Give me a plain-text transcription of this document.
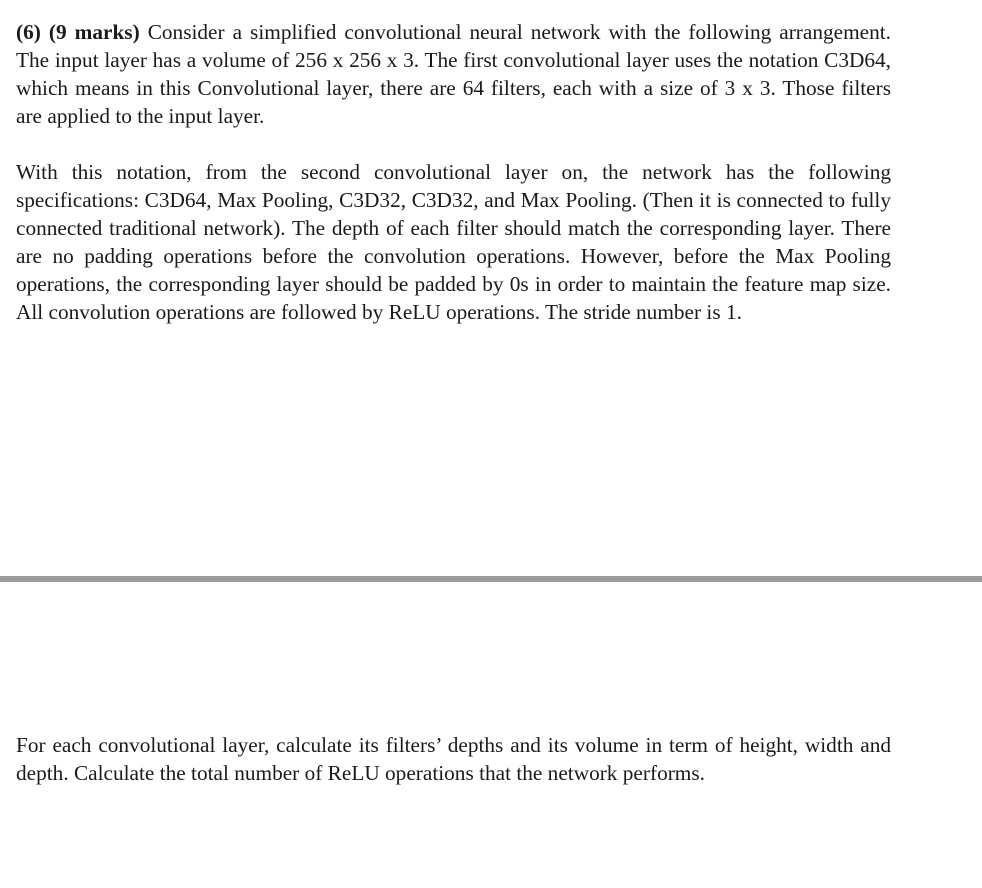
(6) (9 marks) Consider a simplified convolutional neural network with the following arrangement. The input layer has a volume of 256 x 256 x 3. The first convolutional layer uses the notation C3D64, which means in this Convolutional layer, there are 64 filters, each with a size of 3 x 3. Those filters are applied to the input layer.

With this notation, from the second convolutional layer on, the network has the following specifications: C3D64, Max Pooling, C3D32, C3D32, and Max Pooling. (Then it is connected to fully connected traditional network). The depth of each filter should match the corresponding layer. There are no padding operations before the convolution operations. However, before the Max Pooling operations, the corresponding layer should be padded by 0s in order to maintain the feature map size. All convolution operations are followed by ReLU operations. The stride number is 1.

For each convolutional layer, calculate its filters’ depths and its volume in term of height, width and depth. Calculate the total number of ReLU operations that the network performs.
